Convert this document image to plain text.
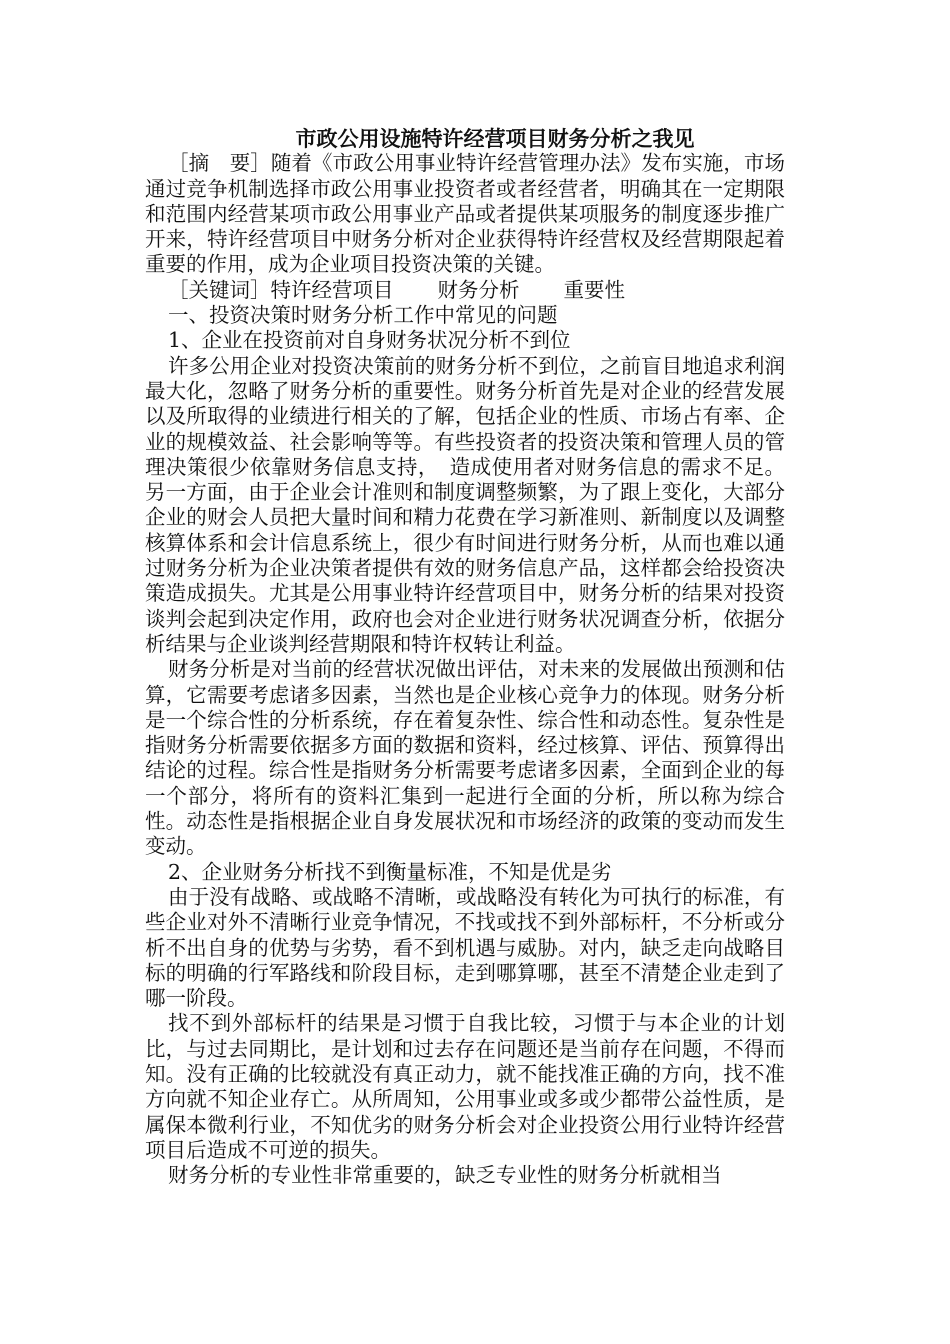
市政公用设施特许经营项目财务分析之我见

［摘　要］随着《市政公用事业特许经营管理办法》发布实施，市场通过竞争机制选择市政公用事业投资者或者经营者，明确其在一定期限和范围内经营某项市政公用事业产品或者提供某项服务的制度逐步推广开来，特许经营项目中财务分析对企业获得特许经营权及经营期限起着重要的作用，成为企业项目投资决策的关键。

［关键词］特许经营项目 财务分析 重要性

一、投资决策时财务分析工作中常见的问题

1、企业在投资前对自身财务状况分析不到位

许多公用企业对投资决策前的财务分析不到位，之前盲目地追求利润最大化，忽略了财务分析的重要性。财务分析首先是对企业的经营发展以及所取得的业绩进行相关的了解，包括企业的性质、市场占有率、企业的规模效益、社会影响等等。有些投资者的投资决策和管理人员的管理决策很少依靠财务信息支持，　造成使用者对财务信息的需求不足。另一方面，由于企业会计准则和制度调整频繁，为了跟上变化，大部分企业的财会人员把大量时间和精力花费在学习新准则、新制度以及调整核算体系和会计信息系统上，很少有时间进行财务分析，从而也难以通过财务分析为企业决策者提供有效的财务信息产品，这样都会给投资决策造成损失。尤其是公用事业特许经营项目中，财务分析的结果对投资谈判会起到决定作用，政府也会对企业进行财务状况调查分析，依据分析结果与企业谈判经营期限和特许权转让利益。

财务分析是对当前的经营状况做出评估，对未来的发展做出预测和估算，它需要考虑诸多因素，当然也是企业核心竞争力的体现。财务分析是一个综合性的分析系统，存在着复杂性、综合性和动态性。复杂性是指财务分析需要依据多方面的数据和资料，经过核算、评估、预算得出结论的过程。综合性是指财务分析需要考虑诸多因素，全面到企业的每一个部分，将所有的资料汇集到一起进行全面的分析，所以称为综合性。动态性是指根据企业自身发展状况和市场经济的政策的变动而发生变动。

2、企业财务分析找不到衡量标准，不知是优是劣

由于没有战略、或战略不清晰，或战略没有转化为可执行的标准，有些企业对外不清晰行业竞争情况，不找或找不到外部标杆，不分析或分析不出自身的优势与劣势，看不到机遇与威胁。对内，缺乏走向战略目标的明确的行军路线和阶段目标，走到哪算哪，甚至不清楚企业走到了哪一阶段。

找不到外部标杆的结果是习惯于自我比较，习惯于与本企业的计划比，与过去同期比，是计划和过去存在问题还是当前存在问题，不得而知。没有正确的比较就没有真正动力，就不能找准正确的方向，找不准方向就不知企业存亡。从所周知，公用事业或多或少都带公益性质，是属保本微利行业，不知优劣的财务分析会对企业投资公用行业特许经营项目后造成不可逆的损失。

财务分析的专业性非常重要的，缺乏专业性的财务分析就相当
